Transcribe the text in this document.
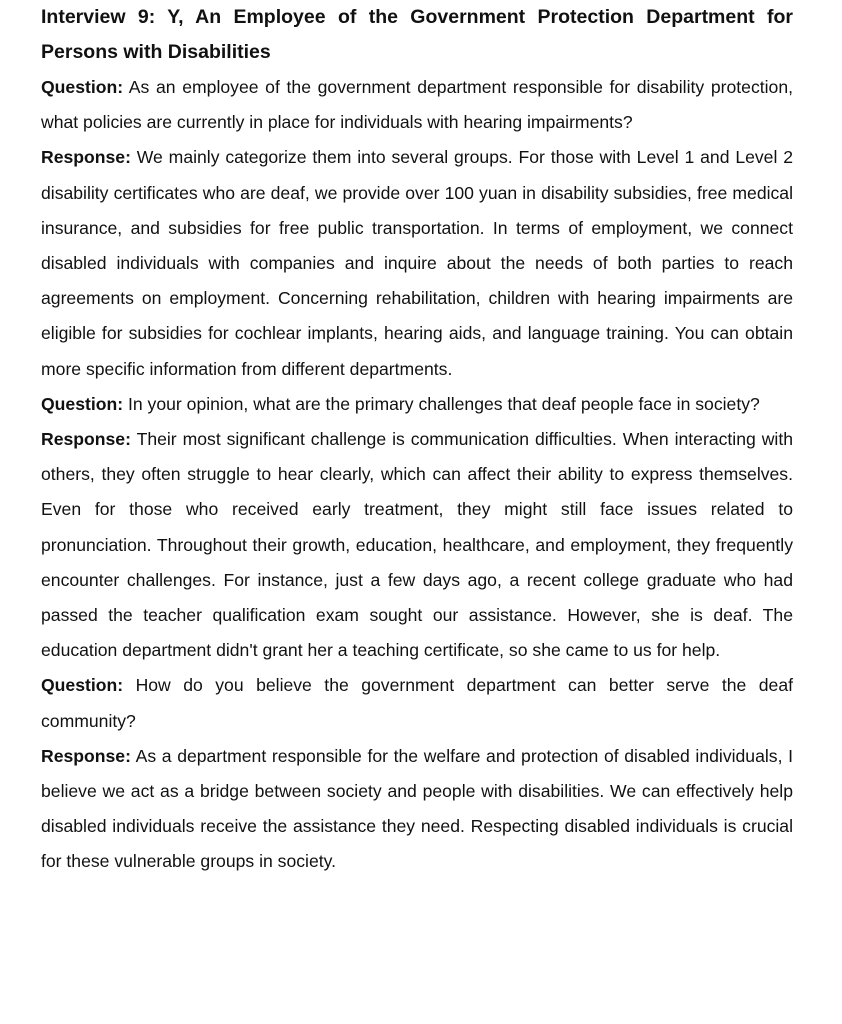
Interview 9: Y, An Employee of the Government Protection Department for Persons with Disabilities

Question: As an employee of the government department responsible for disability protection, what policies are currently in place for individuals with hearing impairments?

Response: We mainly categorize them into several groups. For those with Level 1 and Level 2 disability certificates who are deaf, we provide over 100 yuan in disability subsidies, free medical insurance, and subsidies for free public transportation. In terms of employment, we connect disabled individuals with companies and inquire about the needs of both parties to reach agreements on employment. Concerning rehabilitation, children with hearing impairments are eligible for subsidies for cochlear implants, hearing aids, and language training. You can obtain more specific information from different departments.

Question: In your opinion, what are the primary challenges that deaf people face in society?

Response: Their most significant challenge is communication difficulties. When interacting with others, they often struggle to hear clearly, which can affect their ability to express themselves. Even for those who received early treatment, they might still face issues related to pronunciation. Throughout their growth, education, healthcare, and employment, they frequently encounter challenges. For instance, just a few days ago, a recent college graduate who had passed the teacher qualification exam sought our assistance. However, she is deaf. The education department didn't grant her a teaching certificate, so she came to us for help.

Question: How do you believe the government department can better serve the deaf community?

Response: As a department responsible for the welfare and protection of disabled individuals, I believe we act as a bridge between society and people with disabilities. We can effectively help disabled individuals receive the assistance they need. Respecting disabled individuals is crucial for these vulnerable groups in society.
